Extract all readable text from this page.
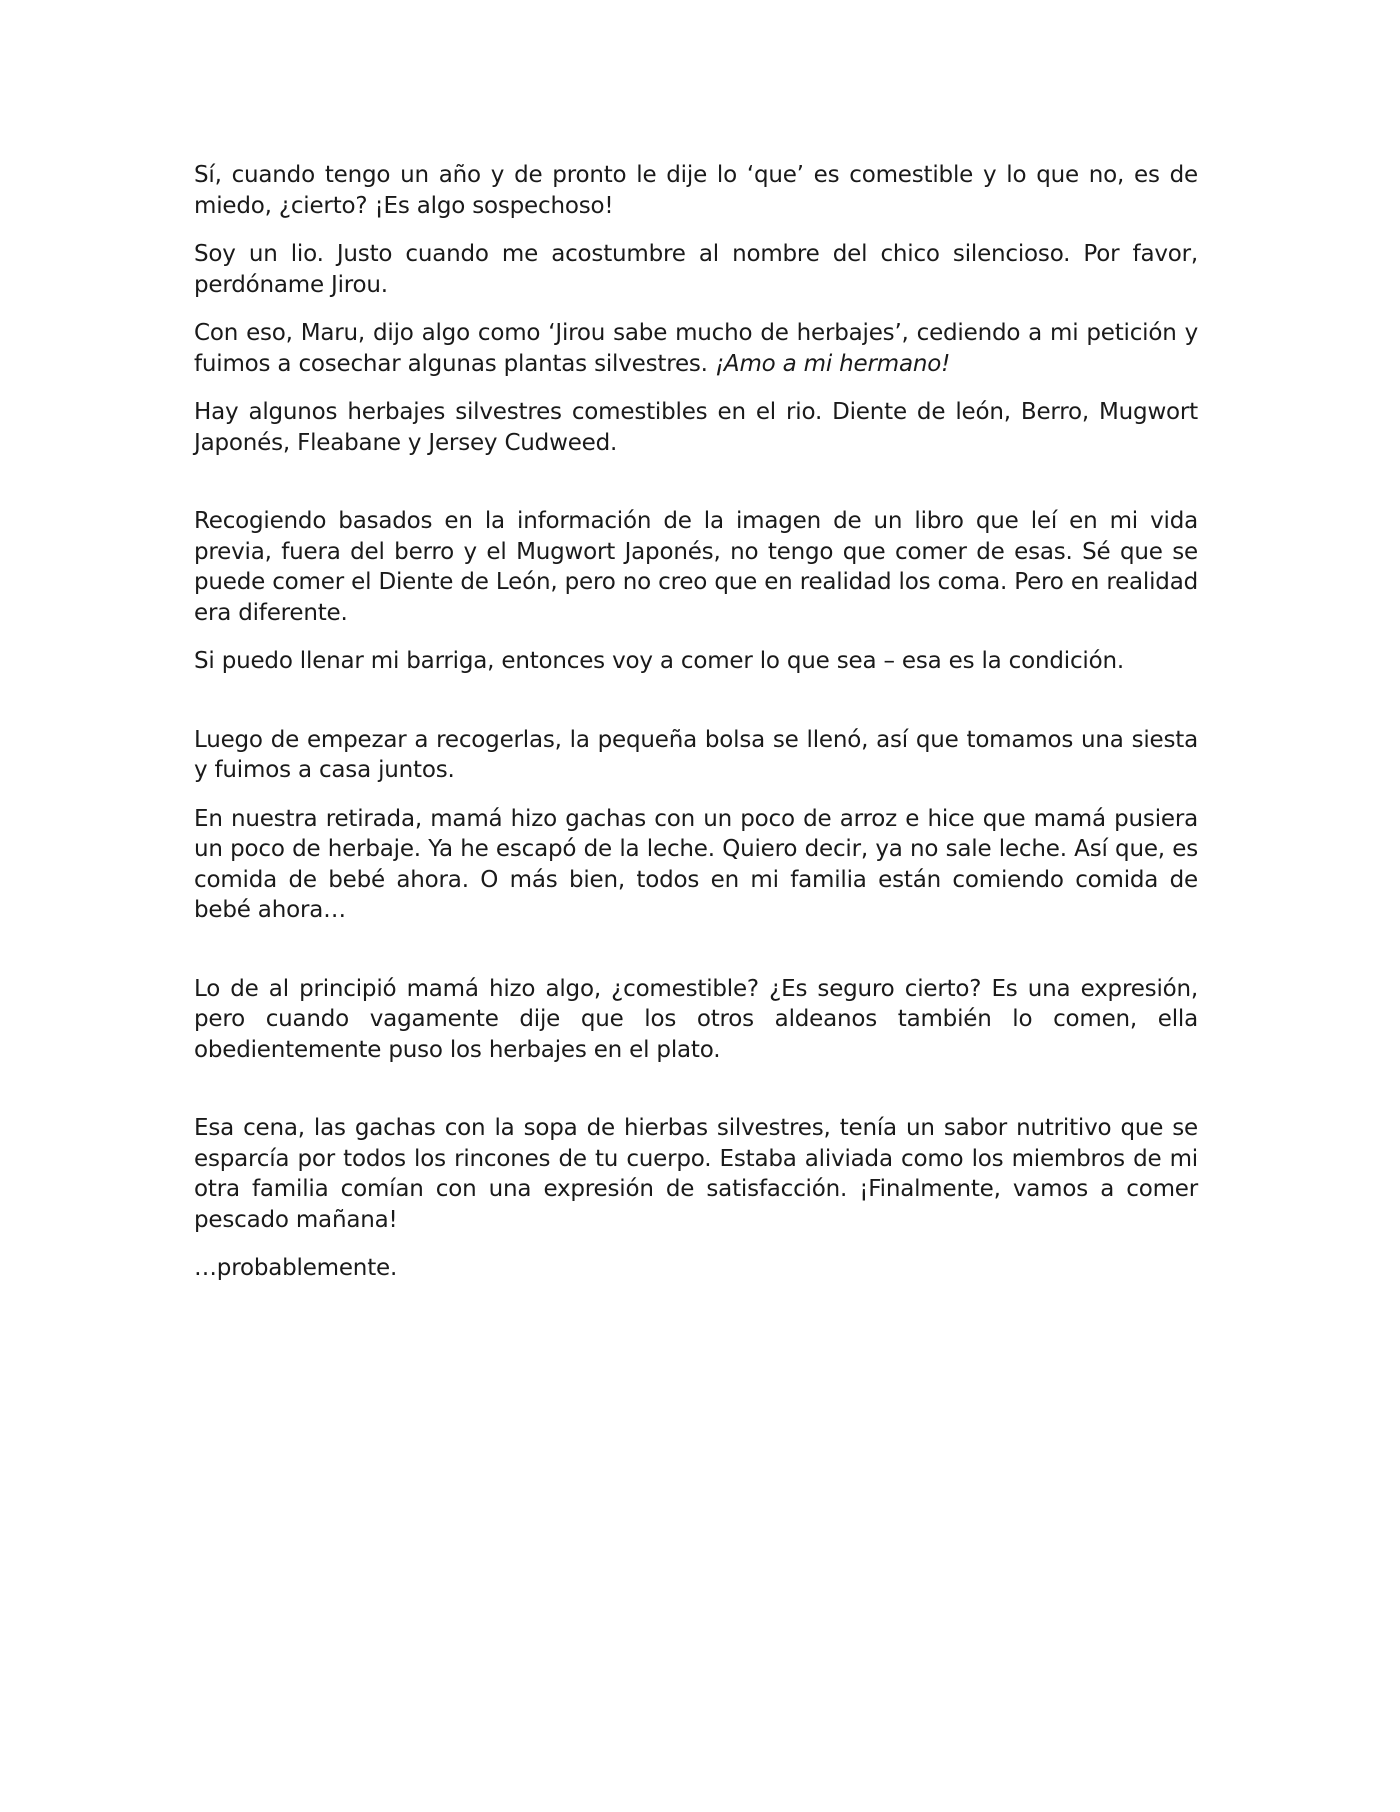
Sí, cuando tengo un año y de pronto le dije lo ‘que’ es comestible y lo que no, es de miedo, ¿cierto? ¡Es algo sospechoso!

Soy un lio. Justo cuando me acostumbre al nombre del chico silencioso. Por favor, perdóname Jirou.

Con eso, Maru, dijo algo como ‘Jirou sabe mucho de herbajes’, cediendo a mi petición y fuimos a cosechar algunas plantas silvestres. ¡Amo a mi hermano!

Hay algunos herbajes silvestres comestibles en el rio. Diente de león, Berro, Mugwort Japonés, Fleabane y Jersey Cudweed.

Recogiendo basados en la información de la imagen de un libro que leí en mi vida previa, fuera del berro y el Mugwort Japonés, no tengo que comer de esas. Sé que se puede comer el Diente de León, pero no creo que en realidad los coma. Pero en realidad era diferente.

Si puedo llenar mi barriga, entonces voy a comer lo que sea – esa es la condición.

Luego de empezar a recogerlas, la pequeña bolsa se llenó, así que tomamos una siesta y fuimos a casa juntos.

En nuestra retirada, mamá hizo gachas con un poco de arroz e hice que mamá pusiera un poco de herbaje. Ya he escapó de la leche. Quiero decir, ya no sale leche. Así que, es comida de bebé ahora. O más bien, todos en mi familia están comiendo comida de bebé ahora…

Lo de al principió mamá hizo algo, ¿comestible? ¿Es seguro cierto? Es una expresión, pero cuando vagamente dije que los otros aldeanos también lo comen, ella obedientemente puso los herbajes en el plato.

Esa cena, las gachas con la sopa de hierbas silvestres, tenía un sabor nutritivo que se esparcía por todos los rincones de tu cuerpo. Estaba aliviada como los miembros de mi otra familia comían con una expresión de satisfacción. ¡Finalmente, vamos a comer pescado mañana!

…probablemente.
